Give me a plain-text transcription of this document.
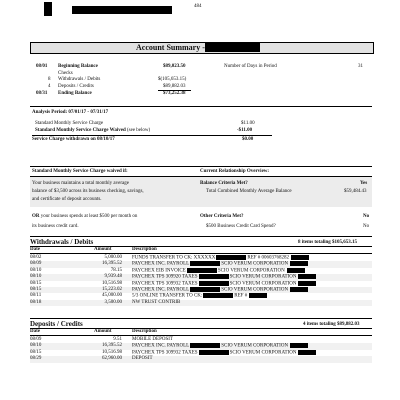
484
Account Summary -
08/01 Beginning Balance	$89,023.50	Number of Days in Period	31
Checks
8 Withdrawals / Debits	$(105,653.15)
4 Deposits / Credits	$89,882.03
08/31 Ending Balance	$73,252.38
Analysis Period: 07/01/17 - 07/31/17
Standard Monthly Service Charge	$11.00
Standard Monthly Service Charge Waived (see below)	-$11.00
Service Charge withdrawn on 08/10/17	$0.00
Standard Monthly Service Charge waived if:	Current Relationship Overview:
Your business maintains a total monthly average
balance of $3,500 across its business checking, savings,
and certificate of deposit accounts.
Balance Criteria Met?	Yes
Total Combined Monthly Average Balance	$59,484.43
OR your business spends at least $500 per month on
its business credit card.
Other Criteria Met?	No
$500 Business Credit Card Spend?	No
Withdrawals / Debits	8 items totaling $105,653.15
Date	Amount	Description
08/02	5,000.00	FUNDS TRANSFER TO CK: XXXXXX REF # 00603768282
08/09	16,395.52	PAYCHEX INC. PAYROLL SCIO VERUM CORPORATION
08/10	78.15	PAYCHEX EIB INVOICE SCIO VERUM CORPORATION
08/10	9,939.48	PAYCHEX TPS 309920 TAXES SCIO VERUM CORPORATION
08/15	10,516.98	PAYCHEX TPS 309932 TAXES SCIO VERUM CORPORATION
08/15	15,223.02	PAYCHEX INC. PAYROLL SCIO VERUM CORPORATION
08/11	45,000.00	5/3 ONLINE TRANSFER TO CK: REF #
08/18	3,500.00	NW TRUST CONTRIB
Deposits / Credits	4 items totaling $89,882.03
Date	Amount	Description
08/09	9.51	MOBILE DEPOSIT
08/10	16,395.52	PAYCHEX INC. PAYROLL SCIO VERUM CORPORATION
08/15	10,516.98	PAYCHEX TPS 309932 TAXES SCIO VERUM CORPORATION
08/29	62,960.00	DEPOSIT
